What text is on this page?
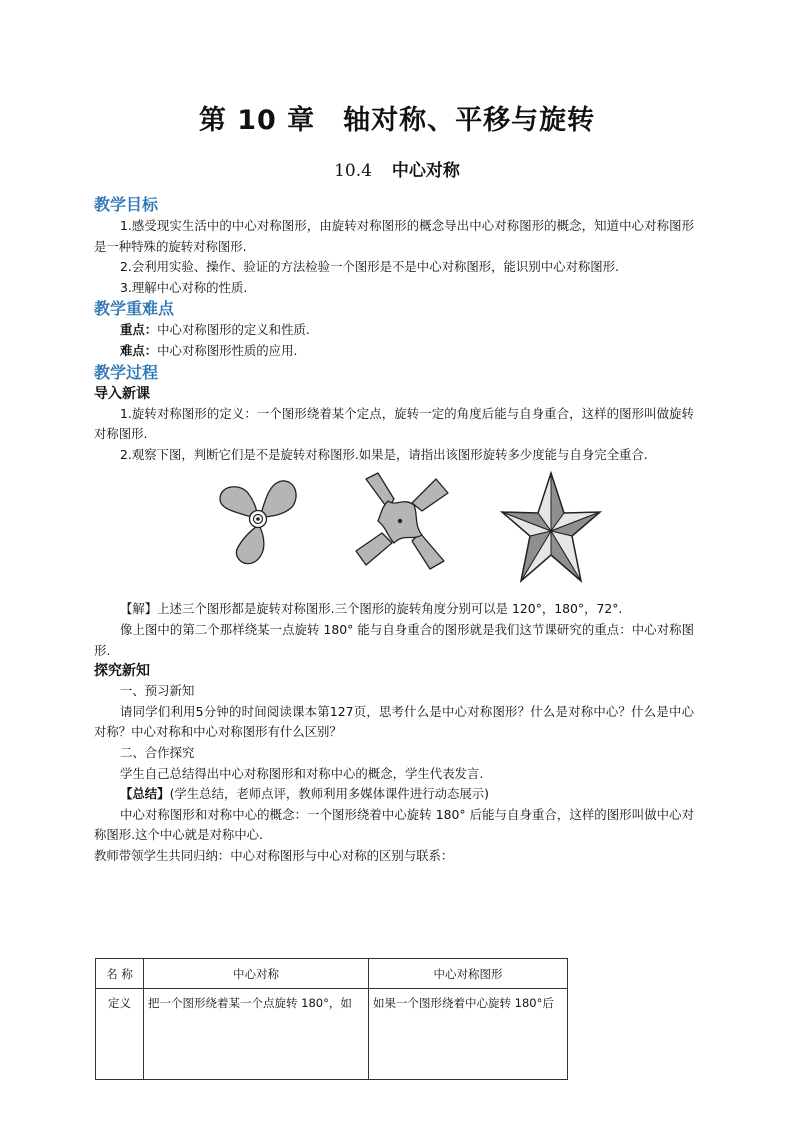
第 10 章　轴对称、平移与旋转
10.4 中心对称

教学目标

1.感受现实生活中的中心对称图形，由旋转对称图形的概念导出中心对称图形的概念，知道中心对称图形是一种特殊的旋转对称图形.

2.会利用实验、操作、验证的方法检验一个图形是不是中心对称图形，能识别中心对称图形.

3.理解中心对称的性质.

教学重难点

重点：中心对称图形的定义和性质.

难点：中心对称图形性质的应用.

教学过程

导入新课

1.旋转对称图形的定义：一个图形绕着某个定点，旋转一定的角度后能与自身重合，这样的图形叫做旋转对称图形.

2.观察下图，判断它们是不是旋转对称图形.如果是，请指出该图形旋转多少度能与自身完全重合.

【解】上述三个图形都是旋转对称图形.三个图形的旋转角度分别可以是 120°，180°，72°.

像上图中的第二个那样绕某一点旋转 180° 能与自身重合的图形就是我们这节课研究的重点：中心对称图形.

探究新知

一、预习新知

请同学们利用5分钟的时间阅读课本第127页，思考什么是中心对称图形？什么是对称中心？什么是中心对称？中心对称和中心对称图形有什么区别？

二、合作探究

学生自己总结得出中心对称图形和对称中心的概念，学生代表发言.

【总结】(学生总结，老师点评，教师利用多媒体课件进行动态展示)

中心对称图形和对称中心的概念：一个图形绕着中心旋转 180° 后能与自身重合，这样的图形叫做中心对称图形.这个中心就是对称中心.

教师带领学生共同归纳：中心对称图形与中心对称的区别与联系：

名 称	中心对称	中心对称图形
定义	把一个图形绕着某一个点旋转 180°，如	如果一个图形绕着中心旋转 180°后
